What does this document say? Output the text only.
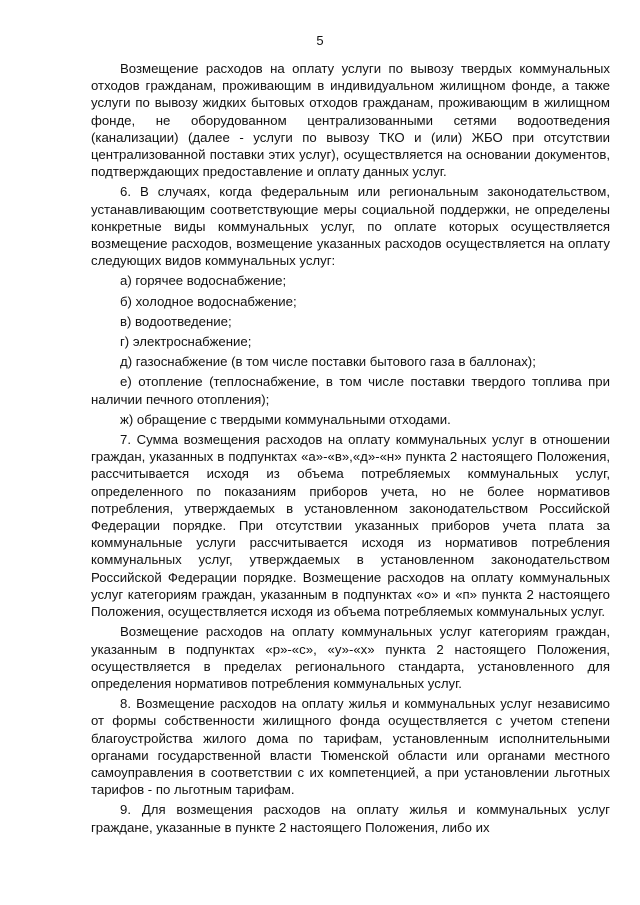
5

Возмещение расходов на оплату услуги по вывозу твердых коммунальных отходов гражданам, проживающим в индивидуальном жилищном фонде, а также услуги по вывозу жидких бытовых отходов гражданам, проживающим в жилищном фонде, не оборудованном централизованными сетями водоотведения (канализации) (далее - услуги по вывозу ТКО и (или) ЖБО при отсутствии централизованной поставки этих услуг), осуществляется на основании документов, подтверждающих предоставление и оплату данных услуг.

6. В случаях, когда федеральным или региональным законодательством, устанавливающим соответствующие меры социальной поддержки, не определены конкретные виды коммунальных услуг, по оплате которых осуществляется возмещение расходов, возмещение указанных расходов осуществляется на оплату следующих видов коммунальных услуг:

а) горячее водоснабжение;

б) холодное водоснабжение;

в) водоотведение;

г) электроснабжение;

д) газоснабжение (в том числе поставки бытового газа в баллонах);

е) отопление (теплоснабжение, в том числе поставки твердого топлива при наличии печного отопления);

ж) обращение с твердыми коммунальными отходами.

7. Сумма возмещения расходов на оплату коммунальных услуг в отношении граждан, указанных в подпунктах «а»-«в»,«д»-«н» пункта 2 настоящего Положения, рассчитывается исходя из объема потребляемых коммунальных услуг, определенного по показаниям приборов учета, но не более нормативов потребления, утверждаемых в установленном законодательством Российской Федерации порядке. При отсутствии указанных приборов учета плата за коммунальные услуги рассчитывается исходя из нормативов потребления коммунальных услуг, утверждаемых в установленном законодательством Российской Федерации порядке. Возмещение расходов на оплату коммунальных услуг категориям граждан, указанным в подпунктах «о» и «п» пункта 2 настоящего Положения, осуществляется исходя из объема потребляемых коммунальных услуг.

Возмещение расходов на оплату коммунальных услуг категориям граждан, указанным в подпунктах «р»-«с», «у»-«х» пункта 2 настоящего Положения, осуществляется в пределах регионального стандарта, установленного для определения нормативов потребления коммунальных услуг.

8. Возмещение расходов на оплату жилья и коммунальных услуг независимо от формы собственности жилищного фонда осуществляется с учетом степени благоустройства жилого дома по тарифам, установленным исполнительными органами государственной власти Тюменской области или органами местного самоуправления в соответствии с их компетенцией, а при установлении льготных тарифов - по льготным тарифам.

9. Для возмещения расходов на оплату жилья и коммунальных услуг граждане, указанные в пункте 2 настоящего Положения, либо их
